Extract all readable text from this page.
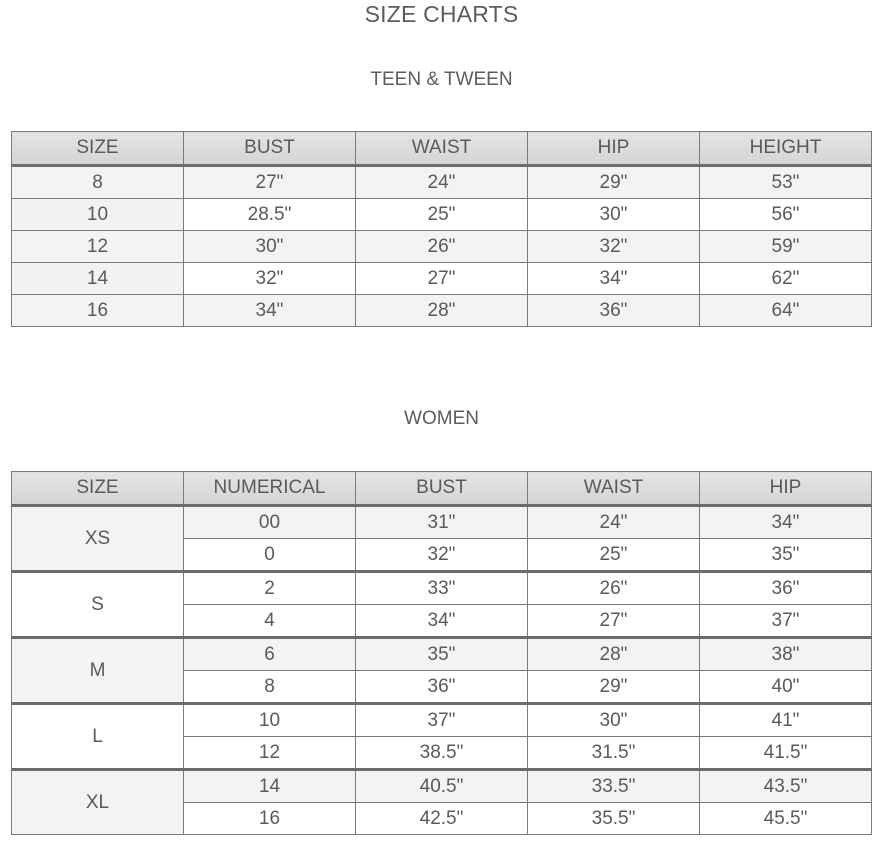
SIZE CHARTS
TEEN & TWEEN
SIZE	BUST	WAIST	HIP	HEIGHT
8	27"	24"	29"	53"
10	28.5"	25"	30"	56"
12	30"	26"	32"	59"
14	32"	27"	34"	62"
16	34"	28"	36"	64"
WOMEN
SIZE	NUMERICAL	BUST	WAIST	HIP
XS	00	31"	24"	34"
	0	32"	25"	35"
S	2	33"	26"	36"
	4	34"	27"	37"
M	6	35"	28"	38"
	8	36"	29"	40"
L	10	37"	30"	41"
	12	38.5"	31.5"	41.5"
XL	14	40.5"	33.5"	43.5"
	16	42.5"	35.5"	45.5"
